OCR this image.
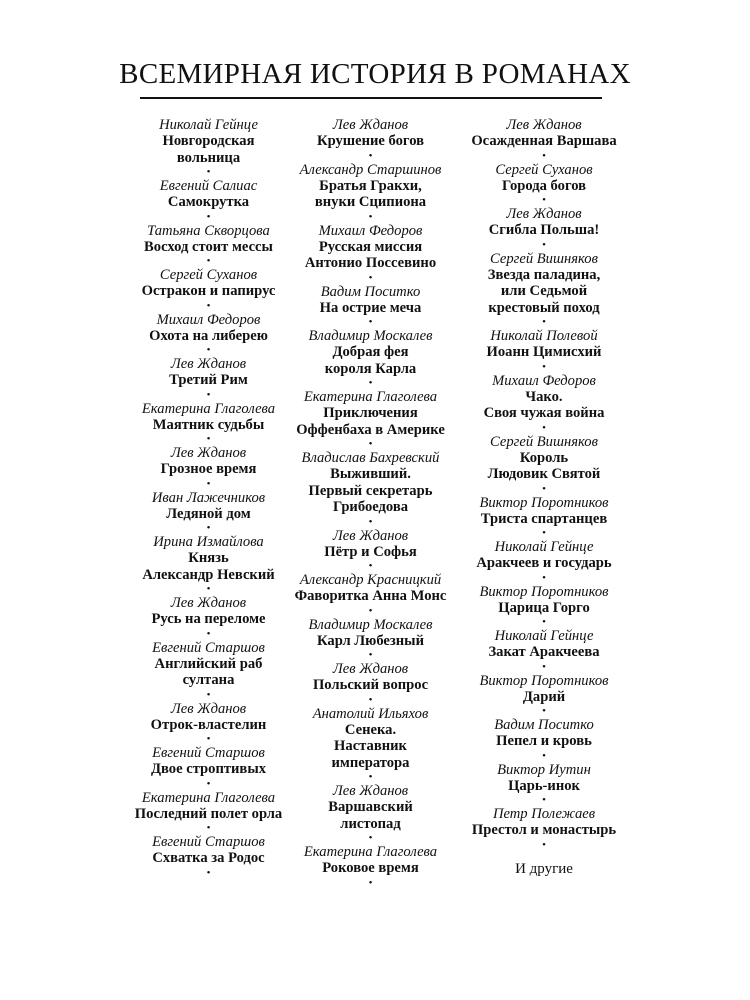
ВСЕМИРНАЯ ИСТОРИЯ В РОМАНАХ
Николай Гейнце
Новгородская
вольница
•
Евгений Салиас
Самокрутка
•
Татьяна Скворцова
Восход стоит мессы
•
Сергей Суханов
Остракон и папирус
•
Михаил Федоров
Охота на либерею
•
Лев Жданов
Третий Рим
•
Екатерина Глаголева
Маятник судьбы
•
Лев Жданов
Грозное время
•
Иван Лажечников
Ледяной дом
•
Ирина Измайлова
Князь
Александр Невский
•
Лев Жданов
Русь на переломе
•
Евгений Старшов
Английский раб
султана
•
Лев Жданов
Отрок-властелин
•
Евгений Старшов
Двое строптивых
•
Екатерина Глаголева
Последний полет орла
•
Евгений Старшов
Схватка за Родос
•
Лев Жданов
Крушение богов
•
Александр Старшинов
Братья Гракхи,
внуки Сципиона
•
Михаил Федоров
Русская миссия
Антонио Поссевино
•
Вадим Поситко
На острие меча
•
Владимир Москалев
Добрая фея
короля Карла
•
Екатерина Глаголева
Приключения
Оффенбаха в Америке
•
Владислав Бахревский
Выживший.
Первый секретарь
Грибоедова
•
Лев Жданов
Пётр и Софья
•
Александр Красницкий
Фаворитка Анна Монс
•
Владимир Москалев
Карл Любезный
•
Лев Жданов
Польский вопрос
•
Анатолий Ильяхов
Сенека.
Наставник
императора
•
Лев Жданов
Варшавский
листопад
•
Екатерина Глаголева
Роковое время
•
Лев Жданов
Осажденная Варшава
•
Сергей Суханов
Города богов
•
Лев Жданов
Сгибла Польша!
•
Сергей Вишняков
Звезда паладина,
или Седьмой
крестовый поход
•
Николай Полевой
Иоанн Цимисхий
•
Михаил Федоров
Чако.
Своя чужая война
•
Сергей Вишняков
Король
Людовик Святой
•
Виктор Поротников
Триста спартанцев
•
Николай Гейнце
Аракчеев и государь
•
Виктор Поротников
Царица Горго
•
Николай Гейнце
Закат Аракчеева
•
Виктор Поротников
Дарий
•
Вадим Поситко
Пепел и кровь
•
Виктор Иутин
Царь-инок
•
Петр Полежаев
Престол и монастырь
•
И другие
